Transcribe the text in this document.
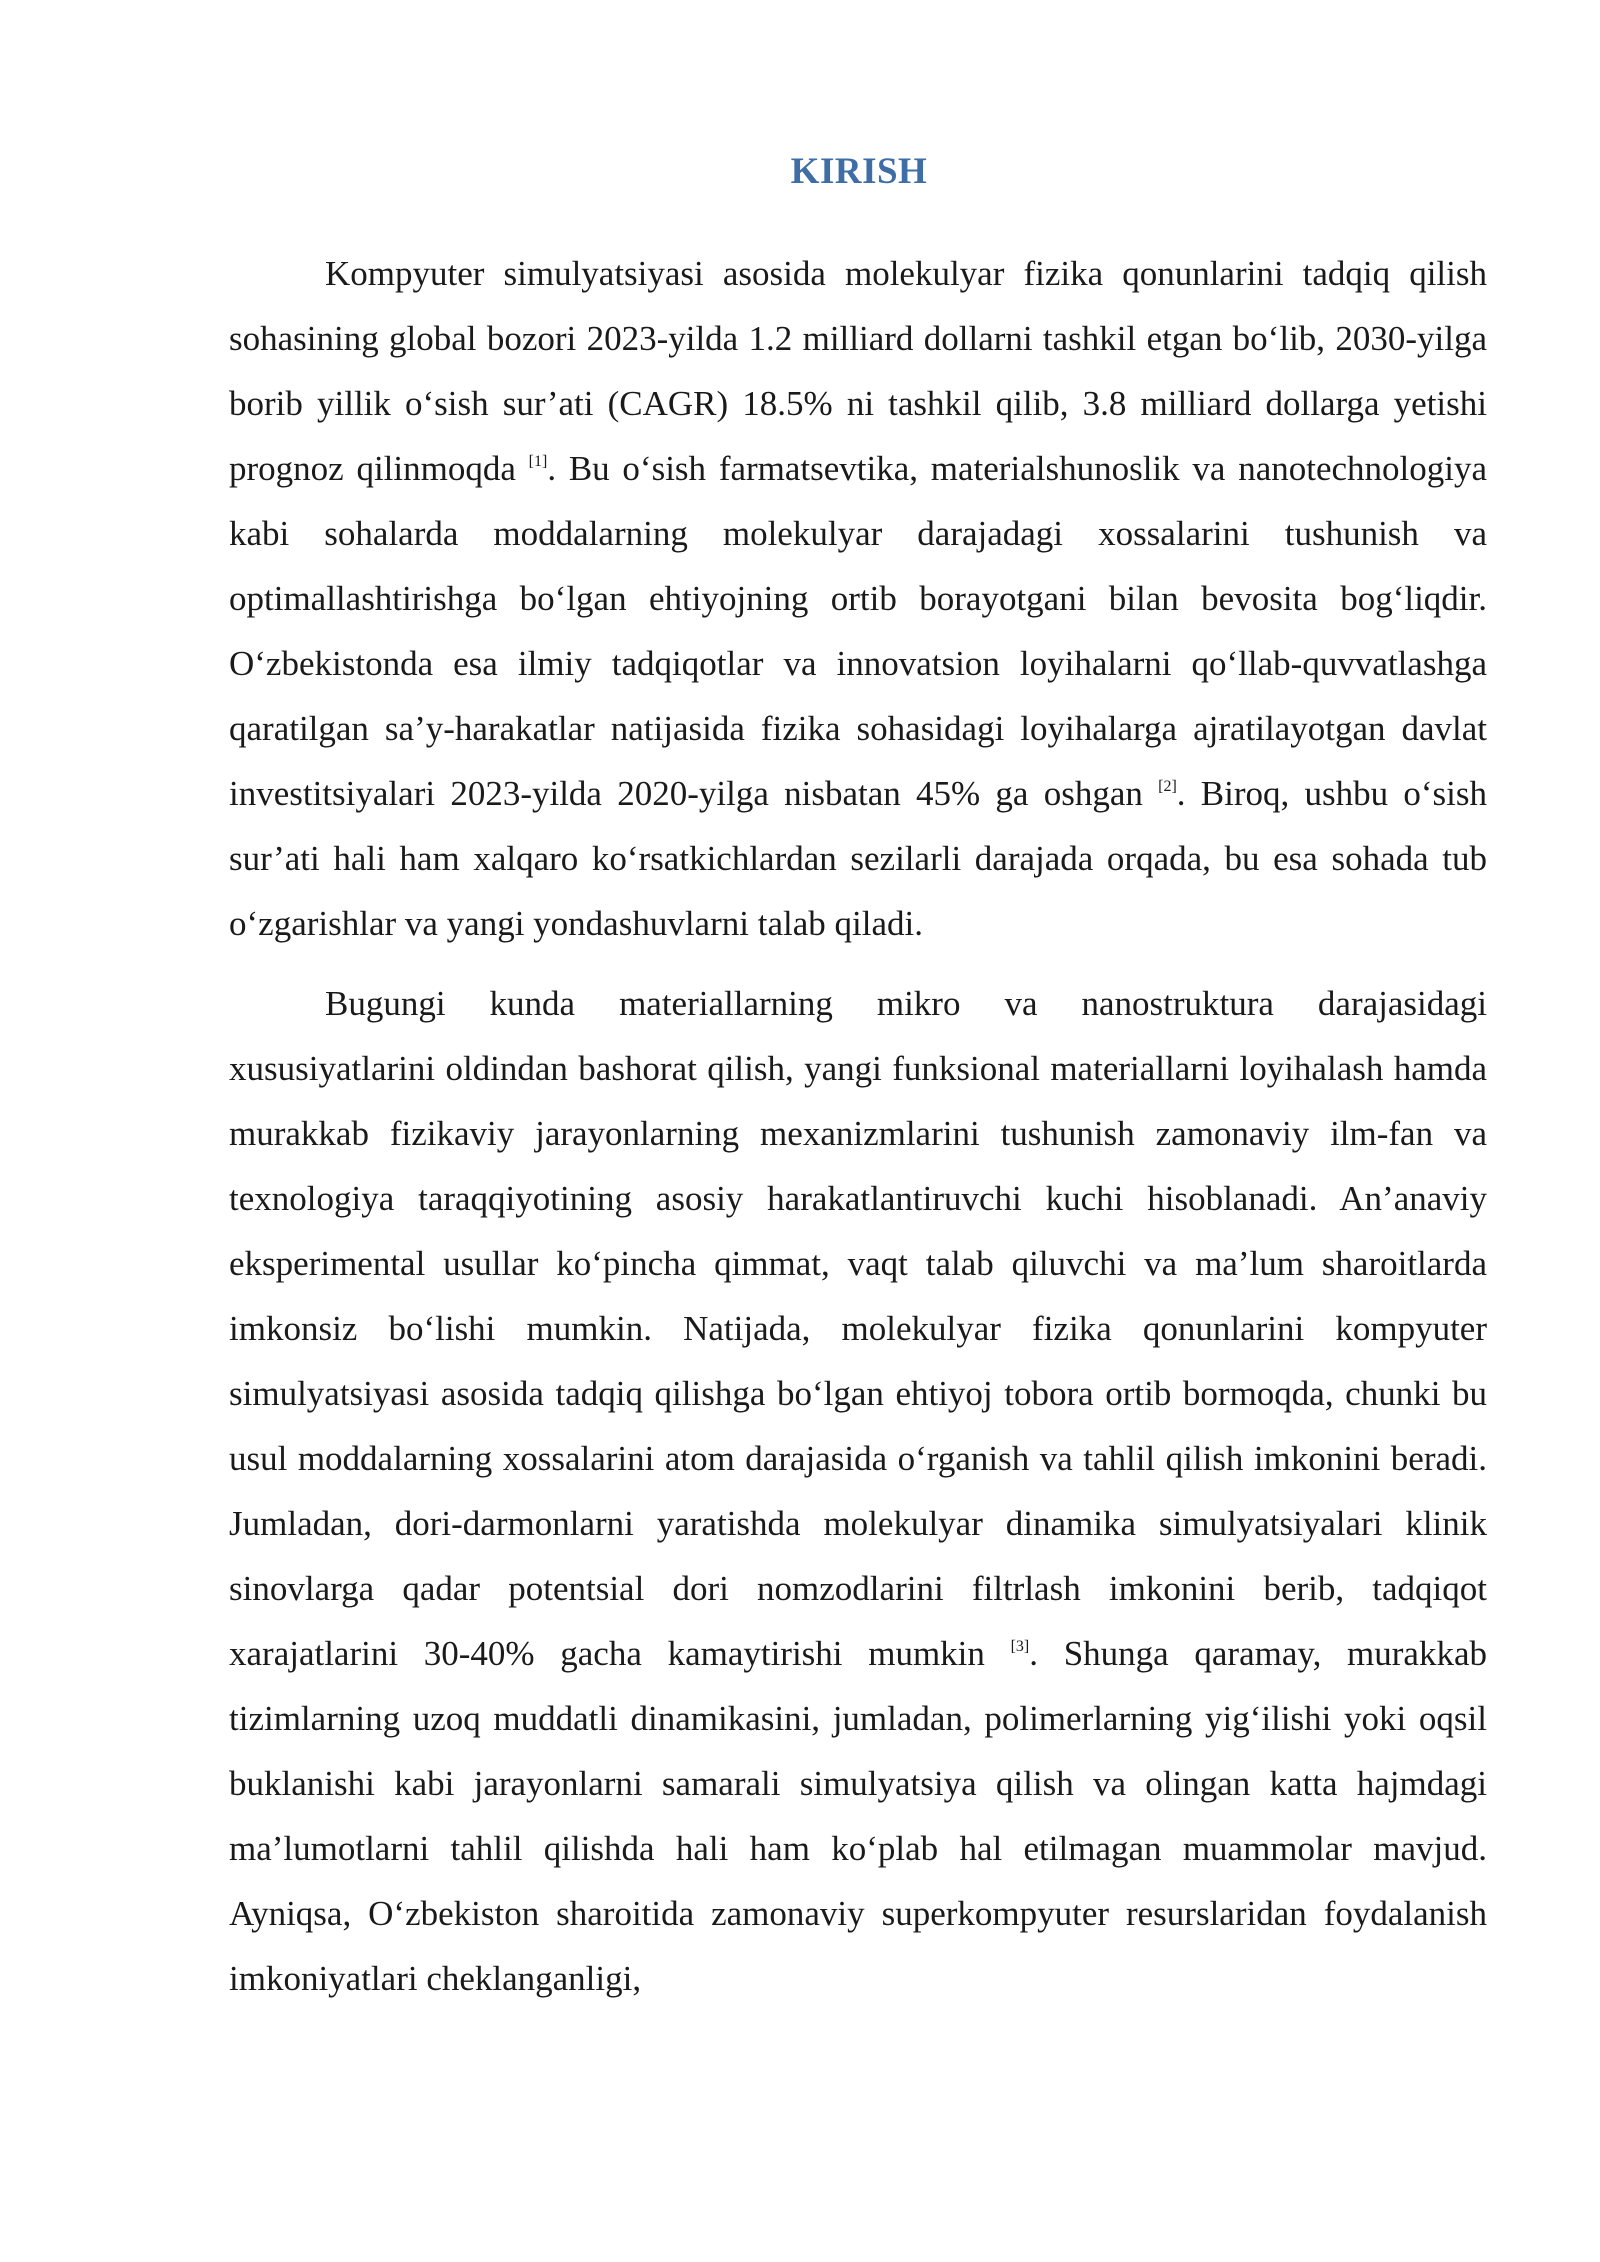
KIRISH

Kompyuter simulyatsiyasi asosida molekulyar fizika qonunlarini tadqiq qilish sohasining global bozori 2023-yilda 1.2 milliard dollarni tashkil etgan bo‘lib, 2030-yilga borib yillik o‘sish sur’ati (CAGR) 18.5% ni tashkil qilib, 3.8 milliard dollarga yetishi prognoz qilinmoqda [1]. Bu o‘sish farmatsevtika, materialshunoslik va nanotechnologiya kabi sohalarda moddalarning molekulyar darajadagi xossalarini tushunish va optimallashtirishga bo‘lgan ehtiyojning ortib borayotgani bilan bevosita bog‘liqdir. O‘zbekistonda esa ilmiy tadqiqotlar va innovatsion loyihalarni qo‘llab-quvvatlashga qaratilgan sa’y-harakatlar natijasida fizika sohasidagi loyihalarga ajratilayotgan davlat investitsiyalari 2023-yilda 2020-yilga nisbatan 45% ga oshgan [2]. Biroq, ushbu o‘sish sur’ati hali ham xalqaro ko‘rsatkichlardan sezilarli darajada orqada, bu esa sohada tub o‘zgarishlar va yangi yondashuvlarni talab qiladi.

Bugungi kunda materiallarning mikro va nanostruktura darajasidagi xususiyatlarini oldindan bashorat qilish, yangi funksional materiallarni loyihalash hamda murakkab fizikaviy jarayonlarning mexanizmlarini tushunish zamonaviy ilm-fan va texnologiya taraqqiyotining asosiy harakatlantiruvchi kuchi hisoblanadi. An’anaviy eksperimental usullar ko‘pincha qimmat, vaqt talab qiluvchi va ma’lum sharoitlarda imkonsiz bo‘lishi mumkin. Natijada, molekulyar fizika qonunlarini kompyuter simulyatsiyasi asosida tadqiq qilishga bo‘lgan ehtiyoj tobora ortib bormoqda, chunki bu usul moddalarning xossalarini atom darajasida o‘rganish va tahlil qilish imkonini beradi. Jumladan, dori-darmonlarni yaratishda molekulyar dinamika simulyatsiyalari klinik sinovlarga qadar potentsial dori nomzodlarini filtrlash imkonini berib, tadqiqot xarajatlarini 30-40% gacha kamaytirishi mumkin [3]. Shunga qaramay, murakkab tizimlarning uzoq muddatli dinamikasini, jumladan, polimerlarning yig‘ilishi yoki oqsil buklanishi kabi jarayonlarni samarali simulyatsiya qilish va olingan katta hajmdagi ma’lumotlarni tahlil qilishda hali ham ko‘plab hal etilmagan muammolar mavjud. Ayniqsa, O‘zbekiston sharoitida zamonaviy superkompyuter resurslaridan foydalanish imkoniyatlari cheklanganligi,
